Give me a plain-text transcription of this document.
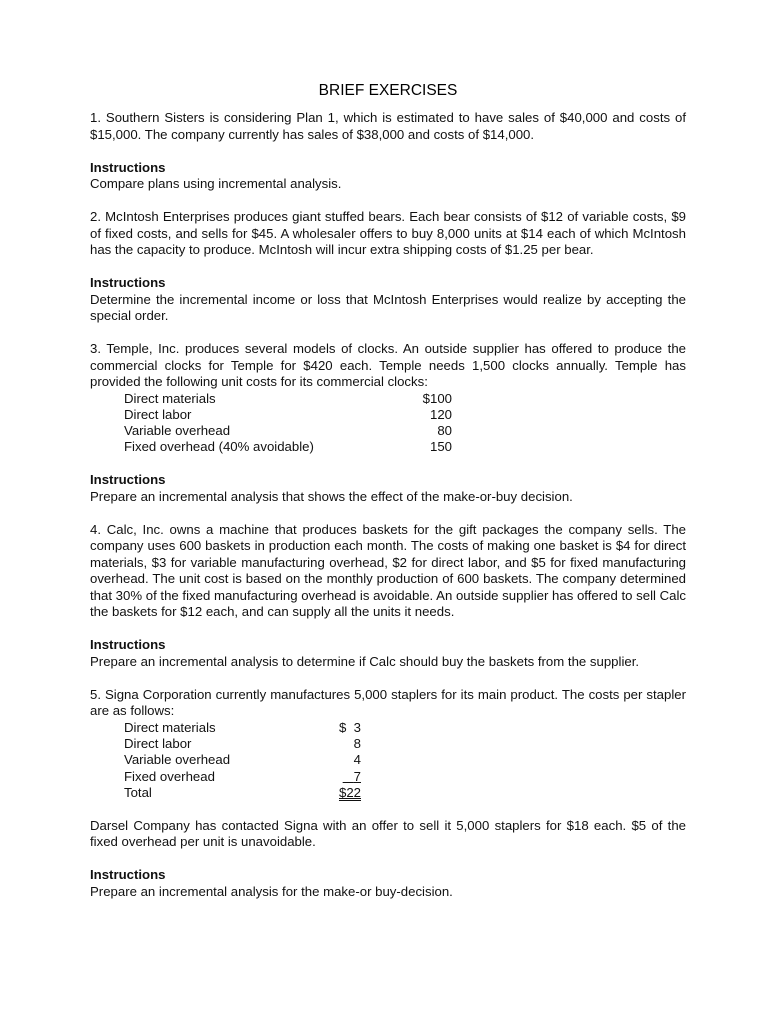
BRIEF EXERCISES

1. Southern Sisters is considering Plan 1, which is estimated to have sales of $40,000 and costs of $15,000. The company currently has sales of $38,000 and costs of $14,000.

Instructions

Compare plans using incremental analysis.

2. McIntosh Enterprises produces giant stuffed bears. Each bear consists of $12 of variable costs, $9 of fixed costs, and sells for $45. A wholesaler offers to buy 8,000 units at $14 each of which McIntosh has the capacity to produce. McIntosh will incur extra shipping costs of $1.25 per bear.

Instructions

Determine the incremental income or loss that McIntosh Enterprises would realize by accepting the special order.

3. Temple, Inc. produces several models of clocks. An outside supplier has offered to produce the commercial clocks for Temple for $420 each. Temple needs 1,500 clocks annually. Temple has provided the following unit costs for its commercial clocks:

Direct materials	$100
Direct labor	120
Variable overhead	80
Fixed overhead (40% avoidable)	150
Instructions

Prepare an incremental analysis that shows the effect of the make-or-buy decision.

4. Calc, Inc. owns a machine that produces baskets for the gift packages the company sells. The company uses 600 baskets in production each month. The costs of making one basket is $4 for direct materials, $3 for variable manufacturing overhead, $2 for direct labor, and $5 for fixed manufacturing overhead. The unit cost is based on the monthly production of 600 baskets. The company determined that 30% of the fixed manufacturing overhead is avoidable. An outside supplier has offered to sell Calc the baskets for $12 each, and can supply all the units it needs.

Instructions

Prepare an incremental analysis to determine if Calc should buy the baskets from the supplier.

5. Signa Corporation currently manufactures 5,000 staplers for its main product. The costs per stapler are as follows:

Direct materials	$ 3
Direct labor	8
Variable overhead	4
Fixed overhead	7
Total	$22

Darsel Company has contacted Signa with an offer to sell it 5,000 staplers for $18 each. $5 of the fixed overhead per unit is unavoidable.

Instructions

Prepare an incremental analysis for the make-or buy-decision.
